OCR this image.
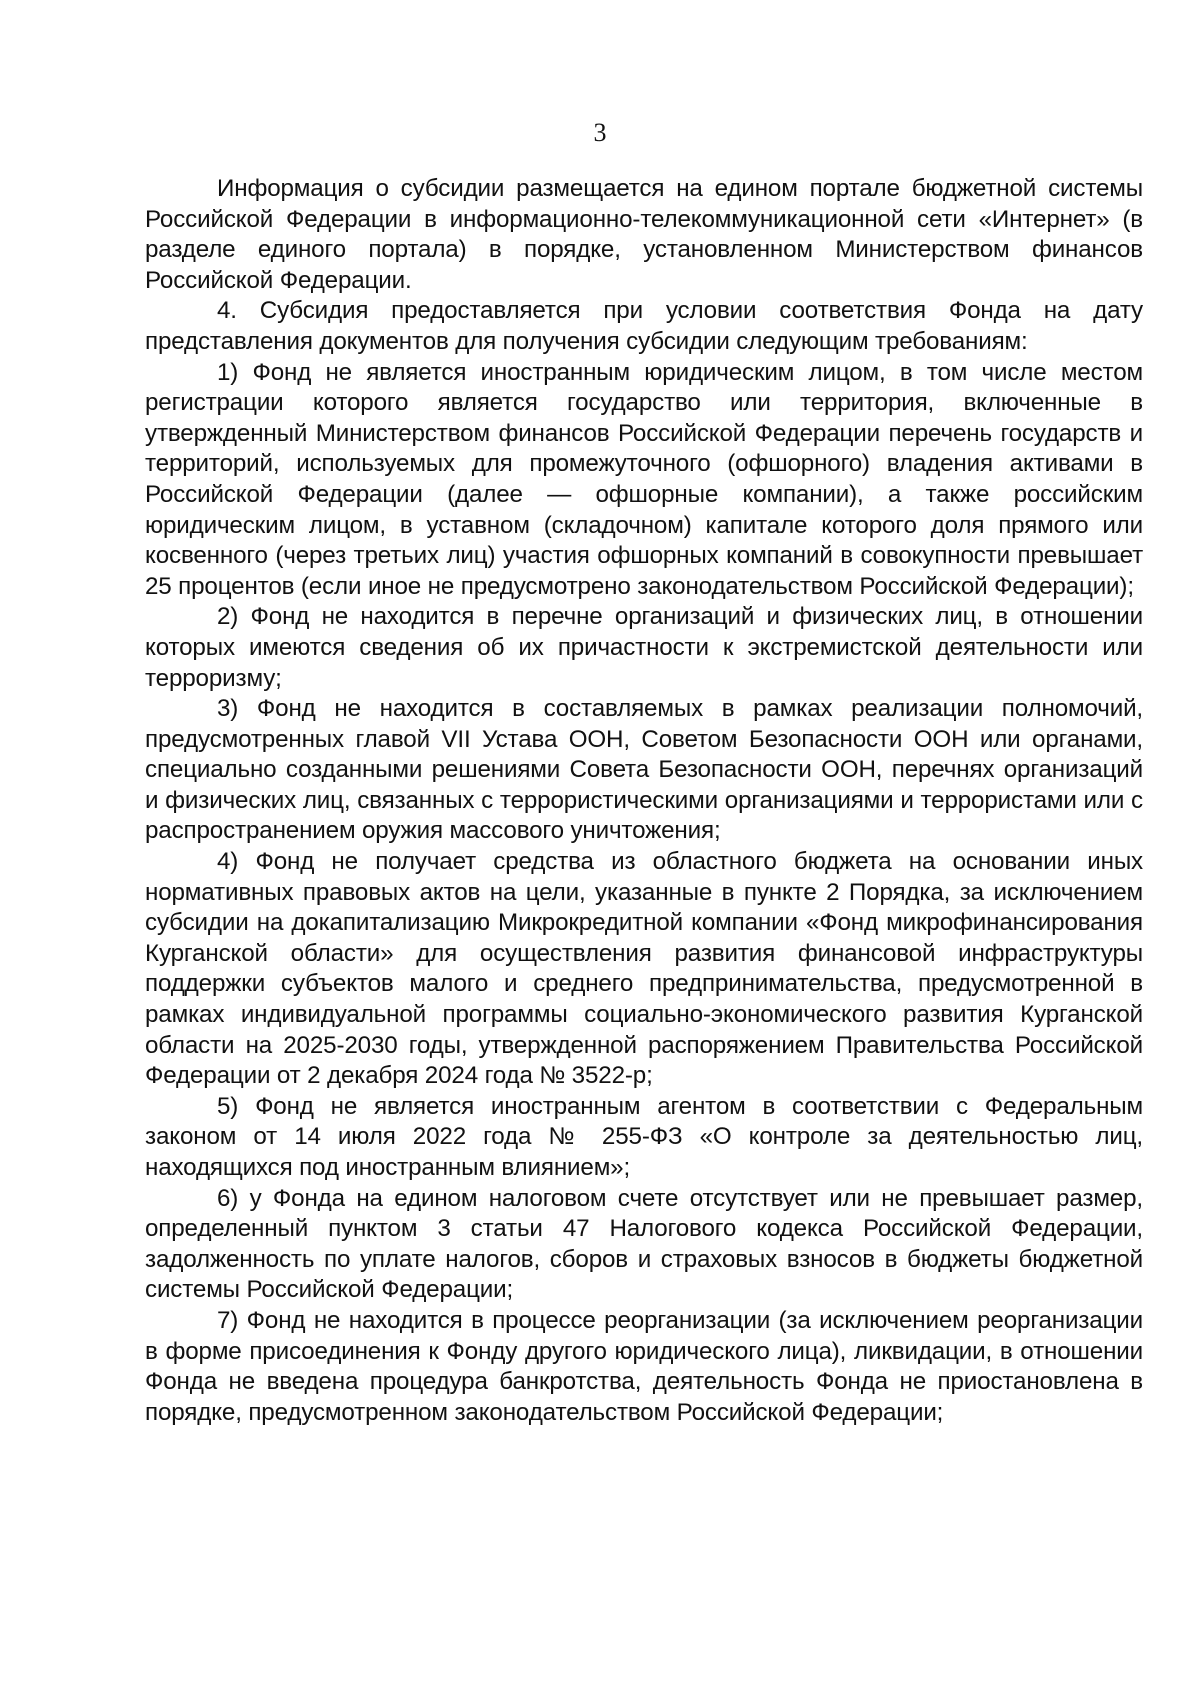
3

Информация о субсидии размещается на едином портале бюджетной системы Российской Федерации в информационно-телекоммуникационной сети «Интернет» (в разделе единого портала) в порядке, установленном Министерством финансов Российской Федерации.

4. Субсидия предоставляется при условии соответствия Фонда на дату представления документов для получения субсидии следующим требованиям:

1) Фонд не является иностранным юридическим лицом, в том числе местом регистрации которого является государство или территория, включенные в утвержденный Министерством финансов Российской Федерации перечень государств и территорий, используемых для промежуточного (офшорного) владения активами в Российской Федерации (далее — офшорные компании), а также российским юридическим лицом, в уставном (складочном) капитале которого доля прямого или косвенного (через третьих лиц) участия офшорных компаний в совокупности превышает 25 процентов (если иное не предусмотрено законодательством Российской Федерации);

2) Фонд не находится в перечне организаций и физических лиц, в отношении которых имеются сведения об их причастности к экстремистской деятельности или терроризму;

3) Фонд не находится в составляемых в рамках реализации полномочий, предусмотренных главой VII Устава ООН, Советом Безопасности ООН или органами, специально созданными решениями Совета Безопасности ООН, перечнях организаций и физических лиц, связанных с террористическими организациями и террористами или с распространением оружия массового уничтожения;

4) Фонд не получает средства из областного бюджета на основании иных нормативных правовых актов на цели, указанные в пункте 2 Порядка, за исключением субсидии на докапитализацию Микрокредитной компании «Фонд микрофинансирования Курганской области» для осуществления развития финансовой инфраструктуры поддержки субъектов малого и среднего предпринимательства, предусмотренной в рамках индивидуальной программы социально-экономического развития Курганской области на 2025-2030 годы, утвержденной распоряжением Правительства Российской Федерации от 2 декабря 2024 года № 3522-р;

5) Фонд не является иностранным агентом в соответствии с Федеральным законом от 14 июля 2022 года № 255-ФЗ «О контроле за деятельностью лиц, находящихся под иностранным влиянием»;

6) у Фонда на едином налоговом счете отсутствует или не превышает размер, определенный пунктом 3 статьи 47 Налогового кодекса Российской Федерации, задолженность по уплате налогов, сборов и страховых взносов в бюджеты бюджетной системы Российской Федерации;

7) Фонд не находится в процессе реорганизации (за исключением реорганизации в форме присоединения к Фонду другого юридического лица), ликвидации, в отношении Фонда не введена процедура банкротства, деятельность Фонда не приостановлена в порядке, предусмотренном законодательством Российской Федерации;
